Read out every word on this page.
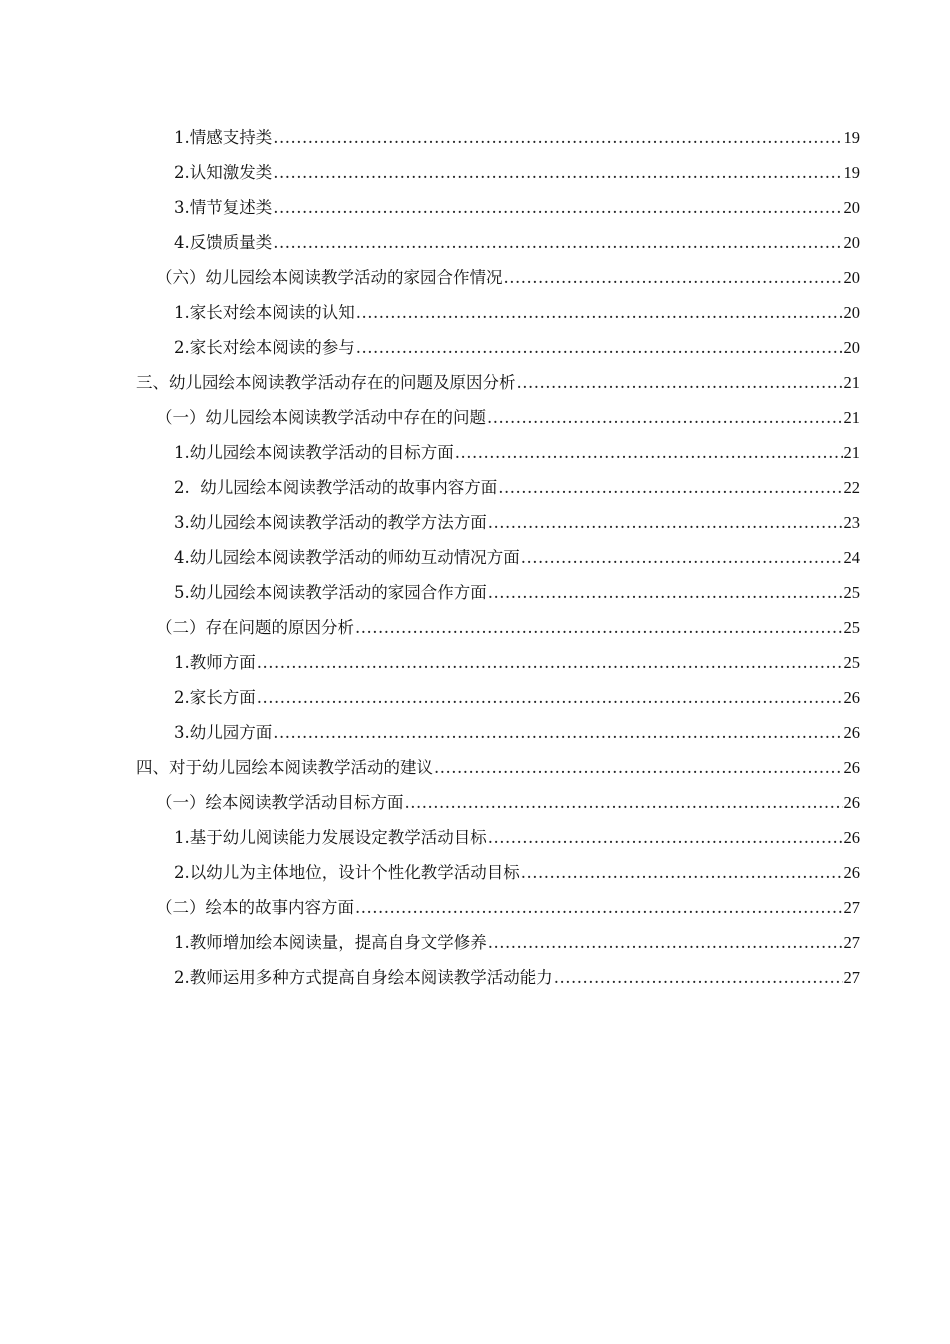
1.情感支持类 .....	19
2.认知激发类 .....	19
3.情节复述类 .....	20
4.反馈质量类 .....	20
（六）幼儿园绘本阅读教学活动的家园合作情况 .....	20
1.家长对绘本阅读的认知 .....	20
2.家长对绘本阅读的参与 .....	20
三、幼儿园绘本阅读教学活动存在的问题及原因分析 .....	21
（一）幼儿园绘本阅读教学活动中存在的问题 .....	21
1.幼儿园绘本阅读教学活动的目标方面 .....	21
2.  幼儿园绘本阅读教学活动的故事内容方面 .....	22
3.幼儿园绘本阅读教学活动的教学方法方面 .....	23
4.幼儿园绘本阅读教学活动的师幼互动情况方面 .....	24
5.幼儿园绘本阅读教学活动的家园合作方面 .....	25
（二）存在问题的原因分析 .....	25
1.教师方面 .....	25
2.家长方面 .....	26
3.幼儿园方面 .....	26
四、对于幼儿园绘本阅读教学活动的建议 .....	26
（一）绘本阅读教学活动目标方面 .....	26
1.基于幼儿阅读能力发展设定教学活动目标 .....	26
2.以幼儿为主体地位，设计个性化教学活动目标 .....	26
（二）绘本的故事内容方面 .....	27
1.教师增加绘本阅读量，提高自身文学修养 .....	27
2.教师运用多种方式提高自身绘本阅读教学活动能力 .....	27
